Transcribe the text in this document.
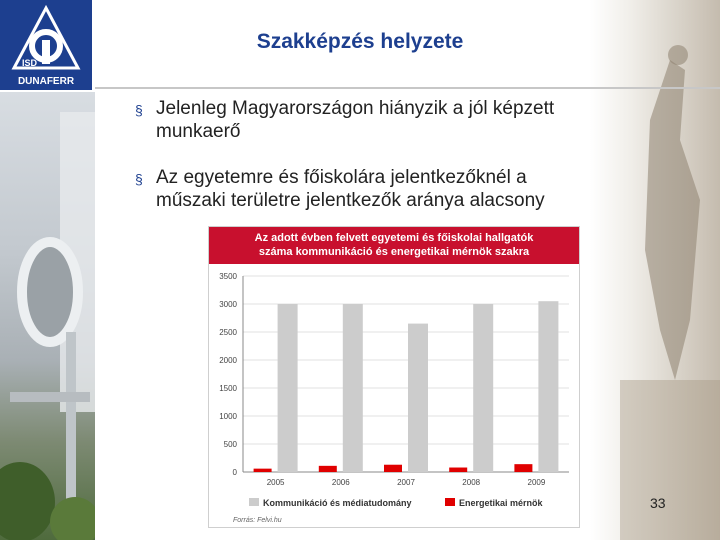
ISD
DUNAFERR
Szakképzés helyzete
§ Jelenleg Magyarországon hiányzik a jól képzett
munkaerő
§ Az egyetemre és főiskolára jelentkezőknél a
műszaki területre jelentkezők aránya alacsony
Az adott évben felvett egyetemi és főiskolai hallgatók
száma kommunikáció és energetikai mérnök szakra
0
500
1000
1500
2000
2500
3000
3500
2005	2006	2007	2008	2009
Kommunikáció és médiatudomány	Energetikai mérnök
Forrás: Felvi.hu
33
